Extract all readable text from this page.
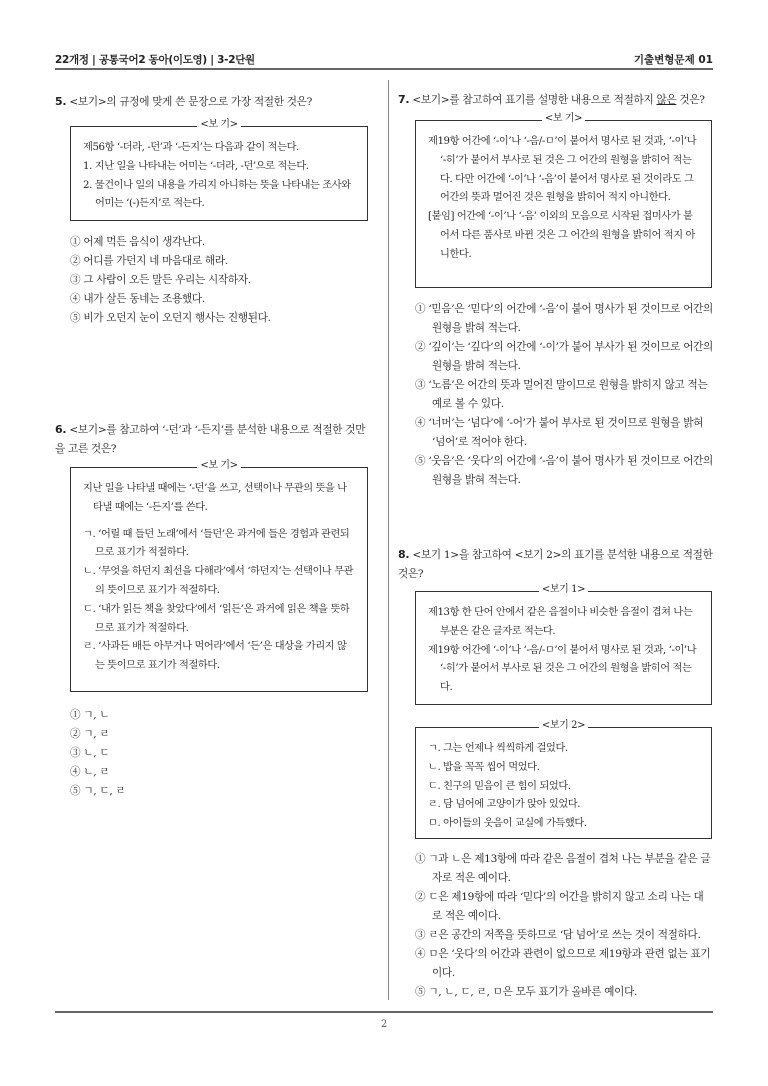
22개정 | 공통국어2 동아(이도영) | 3-2단원	기출변형문제 01
5. <보기>의 규정에 맞게 쓴 문장으로 가장 적절한 것은?
<보 기>
제56항 ‘-더라, -던’과 ‘-든지’는 다음과 같이 적는다.
1. 지난 일을 나타내는 어미는 ‘-더라, -던’으로 적는다.
2. 물건이나 일의 내용을 가리지 아니하는 뜻을 나타내는 조사와 어미는 ‘(-)든지’로 적는다.
① 어제 먹든 음식이 생각난다.
② 어디를 가던지 네 마음대로 해라.
③ 그 사람이 오든 말든 우리는 시작하자.
④ 내가 살든 동네는 조용했다.
⑤ 비가 오던지 눈이 오던지 행사는 진행된다.
6. <보기>를 참고하여 ‘-던’과 ‘-든지’를 분석한 내용으로 적절한 것만을 고른 것은?
<보 기>
지난 일을 나타낼 때에는 ‘-던’을 쓰고, 선택이나 무관의 뜻을 나타낼 때에는 ‘-든지’를 쓴다.
ㄱ. ‘어릴 때 들던 노래’에서 ‘들던’은 과거에 들은 경험과 관련되므로 표기가 적절하다.
ㄴ. ‘무엇을 하던지 최선을 다해라’에서 ‘하던지’는 선택이나 무관의 뜻이므로 표기가 적절하다.
ㄷ. ‘내가 읽든 책을 찾았다’에서 ‘읽든’은 과거에 읽은 책을 뜻하므로 표기가 적절하다.
ㄹ. ‘사과든 배든 아무거나 먹어라’에서 ‘든’은 대상을 가리지 않는 뜻이므로 표기가 적절하다.
① ㄱ, ㄴ
② ㄱ, ㄹ
③ ㄴ, ㄷ
④ ㄴ, ㄹ
⑤ ㄱ, ㄷ, ㄹ
7. <보기>를 참고하여 표기를 설명한 내용으로 적절하지 않은 것은?
<보 기>
제19항 어간에 ‘-이’나 ‘-음/-ㅁ’이 붙어서 명사로 된 것과, ‘-이’나 ‘-히’가 붙어서 부사로 된 것은 그 어간의 원형을 밝히어 적는다. 다만 어간에 ‘-이’나 ‘-음’이 붙어서 명사로 된 것이라도 그 어간의 뜻과 멀어진 것은 원형을 밝히어 적지 아니한다.
[붙임] 어간에 ‘-이’나 ‘-음’ 이외의 모음으로 시작된 접미사가 붙어서 다른 품사로 바뀐 것은 그 어간의 원형을 밝히어 적지 아니한다.
① ‘믿음’은 ‘믿다’의 어간에 ‘-음’이 붙어 명사가 된 것이므로 어간의 원형을 밝혀 적는다.
② ‘깊이’는 ‘깊다’의 어간에 ‘-이’가 붙어 부사가 된 것이므로 어간의 원형을 밝혀 적는다.
③ ‘노름’은 어간의 뜻과 멀어진 말이므로 원형을 밝히지 않고 적는 예로 볼 수 있다.
④ ‘너머’는 ‘넘다’에 ‘-어’가 붙어 부사로 된 것이므로 원형을 밝혀 ‘넘어’로 적어야 한다.
⑤ ‘웃음’은 ‘웃다’의 어간에 ‘-음’이 붙어 명사가 된 것이므로 어간의 원형을 밝혀 적는다.
8. <보기 1>을 참고하여 <보기 2>의 표기를 분석한 내용으로 적절한 것은?
<보기 1>
제13항 한 단어 안에서 같은 음절이나 비슷한 음절이 겹쳐 나는 부분은 같은 글자로 적는다.
제19항 어간에 ‘-이’나 ‘-음/-ㅁ’이 붙어서 명사로 된 것과, ‘-이’나 ‘-히’가 붙어서 부사로 된 것은 그 어간의 원형을 밝히어 적는다.
<보기 2>
ㄱ. 그는 언제나 씩씩하게 걸었다.
ㄴ. 밥을 꼭꼭 씹어 먹었다.
ㄷ. 친구의 믿음이 큰 힘이 되었다.
ㄹ. 담 넘어에 고양이가 앉아 있었다.
ㅁ. 아이들의 웃음이 교실에 가득했다.
① ㄱ과 ㄴ은 제13항에 따라 같은 음절이 겹쳐 나는 부분을 같은 글자로 적은 예이다.
② ㄷ은 제19항에 따라 ‘믿다’의 어간을 밝히지 않고 소리 나는 대로 적은 예이다.
③ ㄹ은 공간의 저쪽을 뜻하므로 ‘담 넘어’로 쓰는 것이 적절하다.
④ ㅁ은 ‘웃다’의 어간과 관련이 없으므로 제19항과 관련 없는 표기이다.
⑤ ㄱ, ㄴ, ㄷ, ㄹ, ㅁ은 모두 표기가 올바른 예이다.
2
